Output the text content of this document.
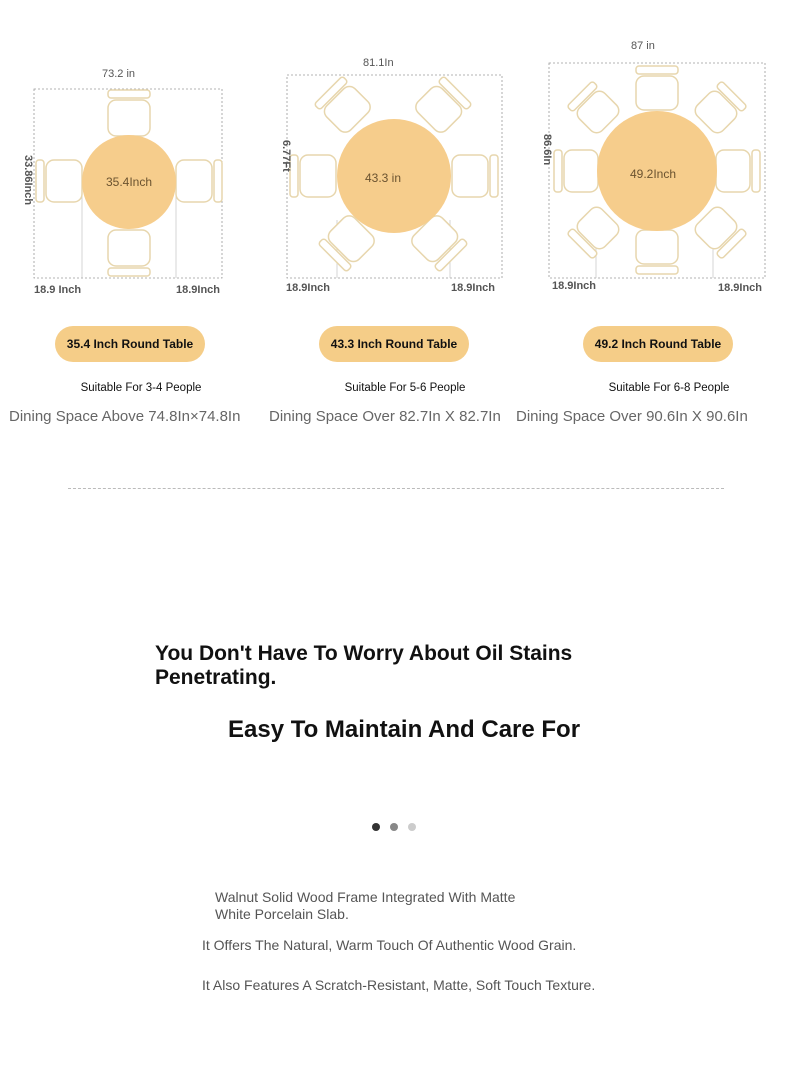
73.2 in
33.86Inch	35.4Inch
18.9 Inch	18.9Inch
81.1In
6.77Ft
43.3 in
18.9Inch	18.9Inch
87 in
86.6In
49.2Inch
18.9Inch	18.9Inch
35.4 Inch Round Table	43.3 Inch Round Table	49.2 Inch Round Table
Suitable For 3-4 People	Suitable For 5-6 People	Suitable For 6-8 People
Dining Space Above 74.8In×74.8In Dining Space Over 82.7In X 82.7In Dining Space Over 90.6In X 90.6In
You Don't Have To Worry About Oil Stains Penetrating.
Easy To Maintain And Care For
Walnut Solid Wood Frame Integrated With Matte White Porcelain Slab.
It Offers The Natural, Warm Touch Of Authentic Wood Grain.
It Also Features A Scratch-Resistant, Matte, Soft Touch Texture.
